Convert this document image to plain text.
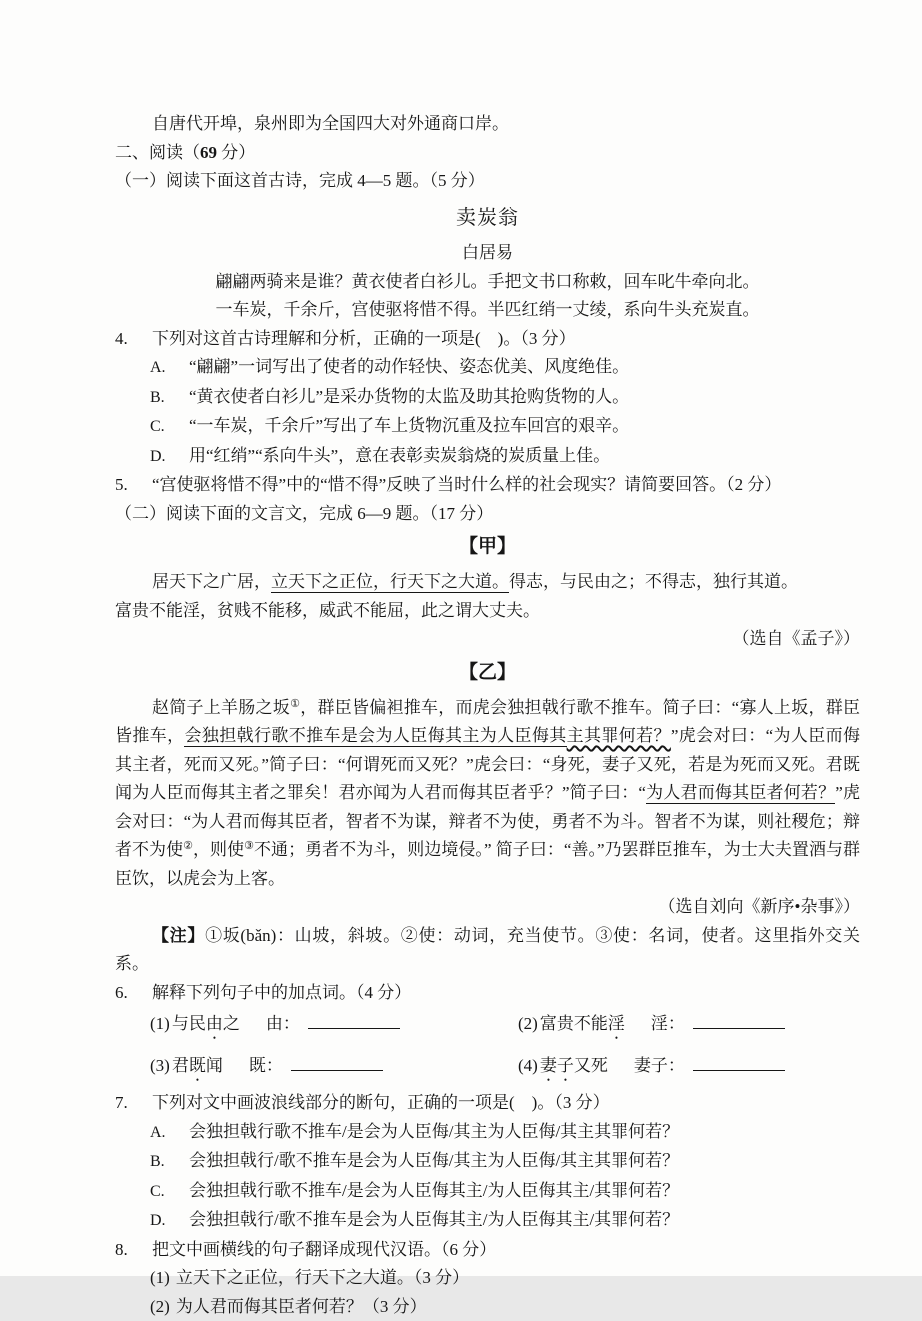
自唐代开埠，泉州即为全国四大对外通商口岸。

二、阅读（69 分）

（一）阅读下面这首古诗，完成 4—5 题。（5 分）

卖炭翁

白居易

翩翩两骑来是谁？黄衣使者白衫儿。手把文书口称敕，回车叱牛牵向北。

一车炭，千余斤，宫使驱将惜不得。半匹红绡一丈绫，系向牛头充炭直。

4.	下列对这首古诗理解和分析，正确的一项是(　)。（3 分）
A.	“翩翩”一词写出了使者的动作轻快、姿态优美、风度绝佳。
B.	“黄衣使者白衫儿”是采办货物的太监及助其抢购货物的人。
C.	“一车炭，千余斤”写出了车上货物沉重及拉车回宫的艰辛。
D.	用“红绡”“系向牛头”，意在表彰卖炭翁烧的炭质量上佳。
5.	“宫使驱将惜不得”中的“惜不得”反映了当时什么样的社会现实？请简要回答。（2 分）

（二）阅读下面的文言文，完成 6—9 题。（17 分）

【甲】

居天下之广居，立天下之正位，行天下之大道。得志，与民由之；不得志，独行其道。
富贵不能淫，贫贱不能移，威武不能屈，此之谓大丈夫。

（选自《孟子》）

【乙】

赵简子上羊肠之坂①，群臣皆偏袒推车，而虎会独担戟行歌不推车。简子曰：“寡人上坂，群臣皆推车，会独担戟行歌不推车是会为人臣侮其主为人臣侮其主其罪何若？”虎会对曰：“为人臣而侮其主者，死而又死。”简子曰：“何谓死而又死？”虎会曰：“身死，妻子又死，若是为死而又死。君既闻为人臣而侮其主者之罪矣！君亦闻为人君而侮其臣者乎？”简子曰：“为人君而侮其臣者何若？”虎会对曰：“为人君而侮其臣者，智者不为谋，辩者不为使，勇者不为斗。智者不为谋，则社稷危；辩者不为使②，则使③不通；勇者不为斗，则边境侵。” 简子曰：“善。”乃罢群臣推车，为士大夫置酒与群臣饮，以虎会为上客。

（选自刘向《新序•杂事》）

【注】①坂(bǎn)：山坡，斜坡。②使：动词，充当使节。③使：名词，使者。这里指外交关系。

6.	解释下列句子中的加点词。（4 分）
(1) 与民由之 由：	(2) 富贵不能淫 淫：
(3) 君既闻 既：	(4) 妻子又死 妻子：
7.	下列对文中画波浪线部分的断句，正确的一项是(　)。（3 分）
A.	会独担戟行歌不推车/是会为人臣侮/其主为人臣侮/其主其罪何若？
B.	会独担戟行/歌不推车是会为人臣侮/其主为人臣侮/其主其罪何若？
C.	会独担戟行歌不推车/是会为人臣侮其主/为人臣侮其主/其罪何若？
D.	会独担戟行/歌不推车是会为人臣侮其主/为人臣侮其主/其罪何若？
8.	把文中画横线的句子翻译成现代汉语。（6 分）

(1) 立天下之正位，行天下之大道。（3 分）

(2) 为人君而侮其臣者何若？（3 分）
